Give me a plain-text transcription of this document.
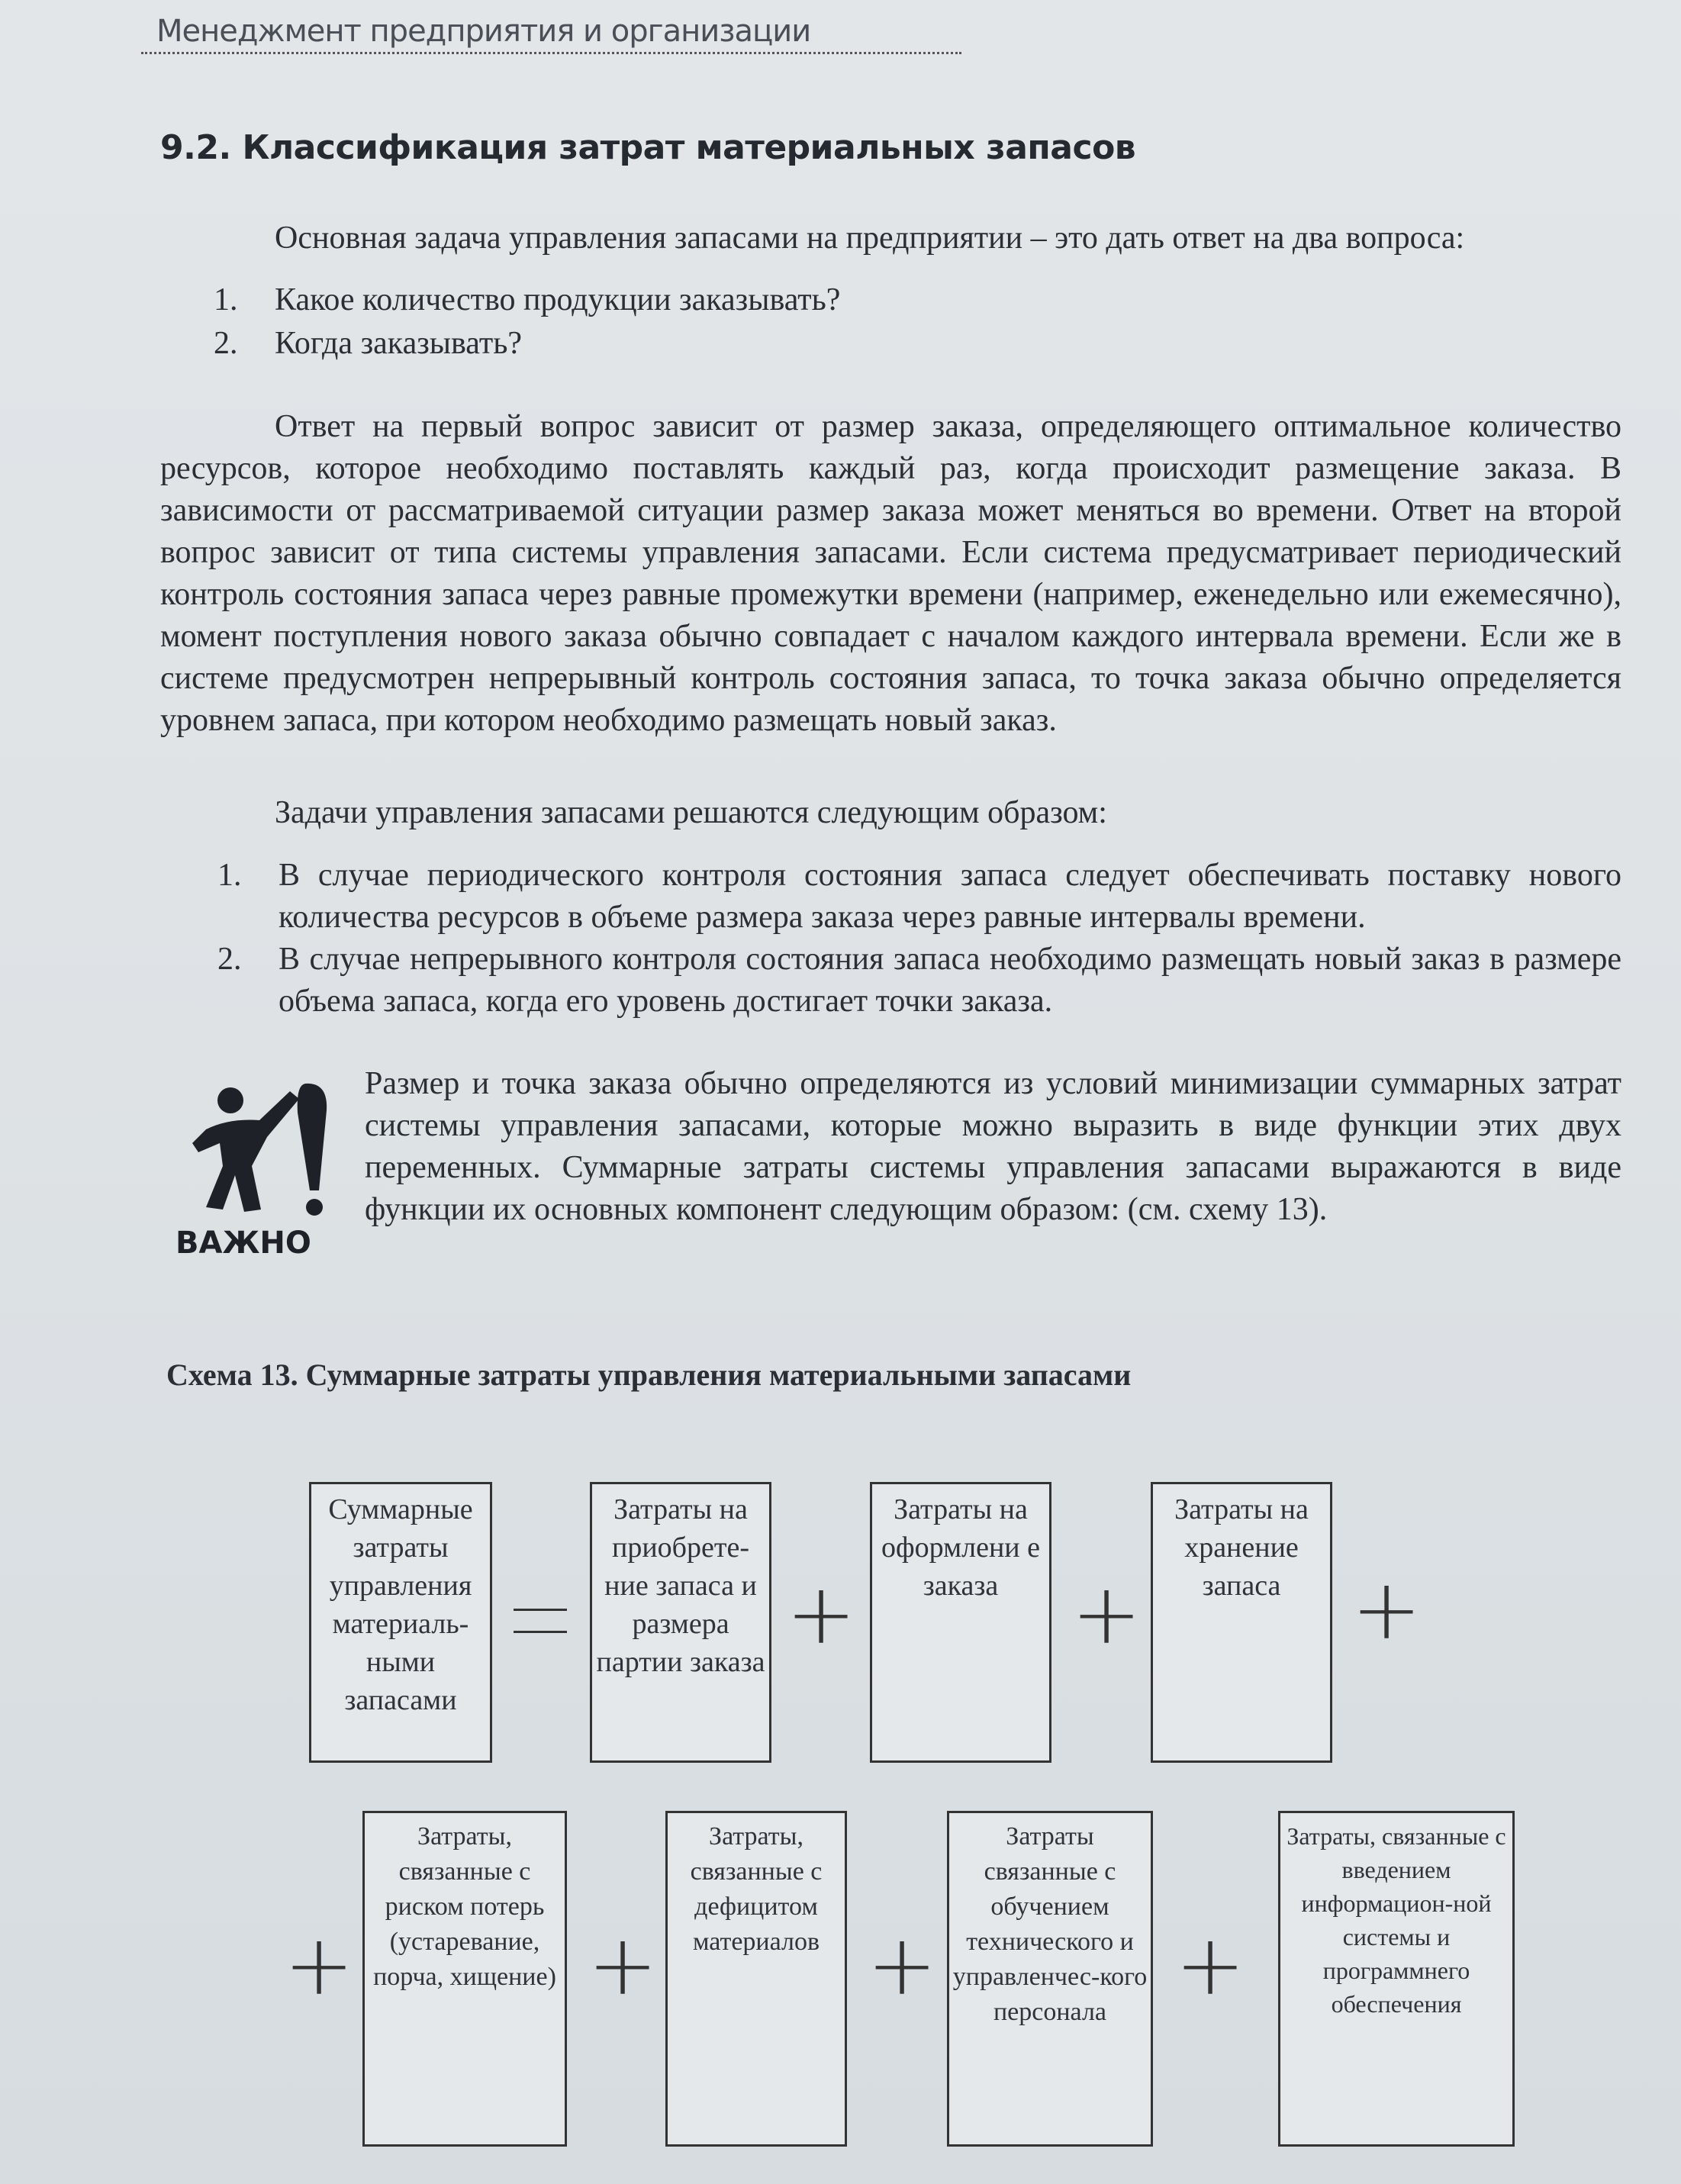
Менеджмент предприятия и организации
9.2. Классификация затрат материальных запасов
Основная задача управления запасами на предприятии – это дать ответ на два вопроса:
1. Какое количество продукции заказывать?
2. Когда заказывать?
Ответ на первый вопрос зависит от размер заказа, определяющего оптимальное количество ресурсов, которое необходимо поставлять каждый раз, когда происходит размещение заказа. В зависимости от рассматриваемой ситуации размер заказа может меняться во времени. Ответ на второй вопрос зависит от типа системы управления запасами. Если система предусматривает периодический контроль состояния запаса через равные промежутки времени (например, еженедельно или ежемесячно), момент поступления нового заказа обычно совпадает с началом каждого интервала времени. Если же в системе предусмотрен непрерывный контроль состояния запаса, то точка заказа обычно определяется уровнем запаса, при котором необходимо размещать новый заказ.
Задачи управления запасами решаются следующим образом:
1.	В случае периодического контроля состояния запаса следует обеспечивать поставку нового количества ресурсов в объеме размера заказа через равные интервалы времени.
2.	В случае непрерывного контроля состояния запаса необходимо размещать новый заказ в размере объема запаса, когда его уровень достигает точки заказа.
ВАЖНО
Размер и точка заказа обычно определяются из условий минимизации суммарных затрат системы управления запасами, которые можно выразить в виде функции этих двух переменных. Суммарные затраты системы управления запасами выражаются в виде функции их основных компонент следующим образом: (см. схему 13).
Схема 13. Суммарные затраты управления материальными запасами
Суммарные затраты управления материаль-ными запасами
Затраты на приобрете-ние запаса и размера партии заказа +
Затраты на оформлени е заказа +
Затраты на хранение запаса +
+
Затраты, связанные с риском потерь (устаревание, порча, хищение) +
Затраты, связанные с дефицитом материалов +
Затраты связанные с обучением технического и управленчес-кого персонала +
Затраты, связанные с введением информацион-ной системы и программнего обеспечения
